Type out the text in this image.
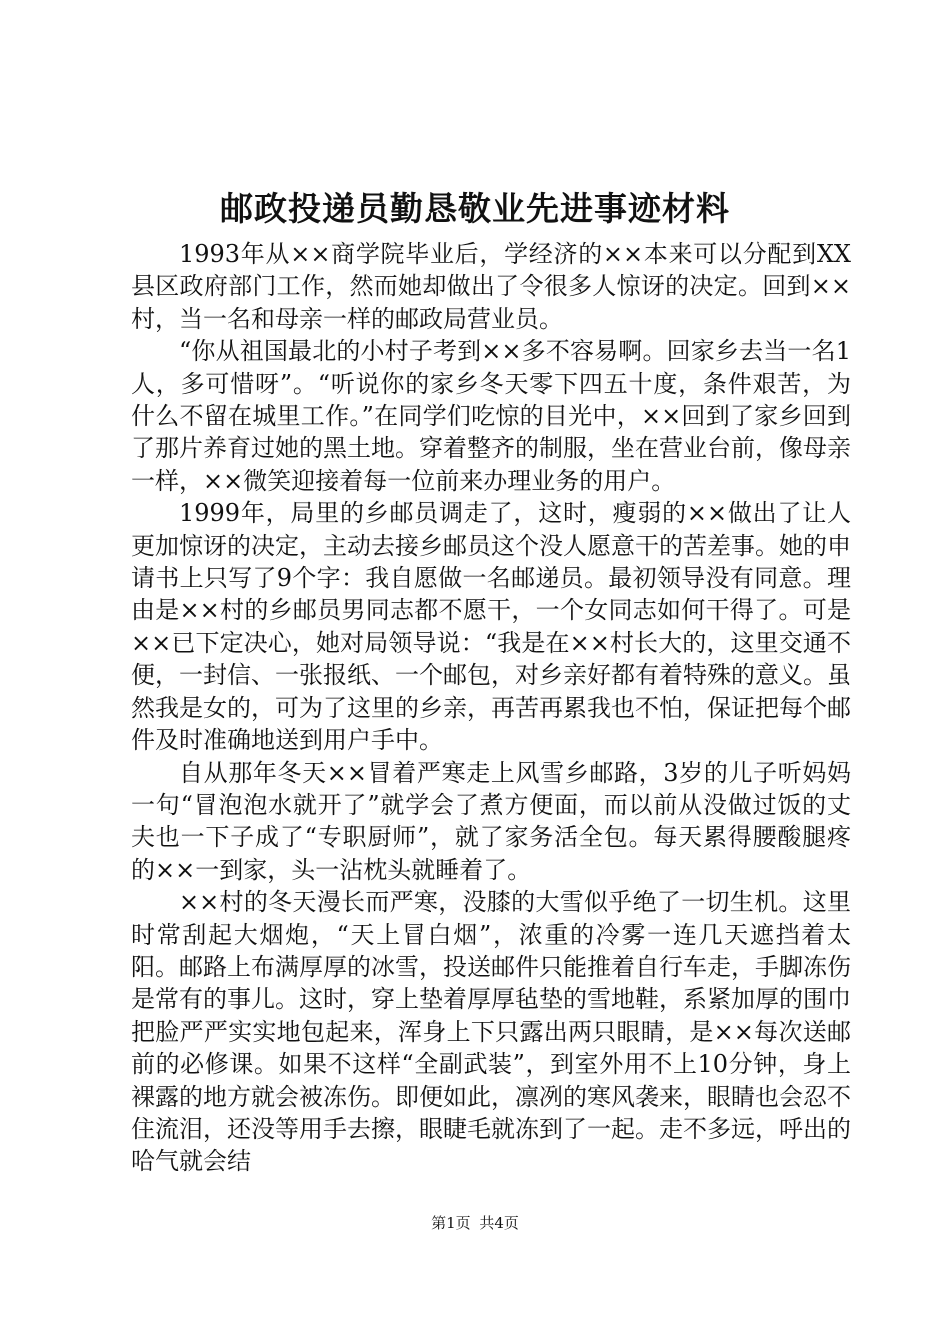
邮政投递员勤恳敬业先进事迹材料

1993年从××商学院毕业后，学经济的××本来可以分配到XX县区政府部门工作，然而她却做出了令很多人惊讶的决定。回到××村，当一名和母亲一样的邮政局营业员。

“你从祖国最北的小村子考到××多不容易啊。回家乡去当一名1人，多可惜呀”。“听说你的家乡冬天零下四五十度，条件艰苦，为什么不留在城里工作。”在同学们吃惊的目光中，××回到了家乡回到了那片养育过她的黑土地。穿着整齐的制服，坐在营业台前，像母亲一样，××微笑迎接着每一位前来办理业务的用户。

1999年，局里的乡邮员调走了，这时，瘦弱的××做出了让人更加惊讶的决定，主动去接乡邮员这个没人愿意干的苦差事。她的申请书上只写了9个字：我自愿做一名邮递员。最初领导没有同意。理由是××村的乡邮员男同志都不愿干，一个女同志如何干得了。可是××已下定决心，她对局领导说：“我是在××村长大的，这里交通不便，一封信、一张报纸、一个邮包，对乡亲好都有着特殊的意义。虽然我是女的，可为了这里的乡亲，再苦再累我也不怕，保证把每个邮件及时准确地送到用户手中。

自从那年冬天××冒着严寒走上风雪乡邮路，3岁的儿子听妈妈一句“冒泡泡水就开了”就学会了煮方便面，而以前从没做过饭的丈夫也一下子成了“专职厨师”，就了家务活全包。每天累得腰酸腿疼的××一到家，头一沾枕头就睡着了。

××村的冬天漫长而严寒，没膝的大雪似乎绝了一切生机。这里时常刮起大烟炮，“天上冒白烟”，浓重的冷雾一连几天遮挡着太阳。邮路上布满厚厚的冰雪，投送邮件只能推着自行车走，手脚冻伤是常有的事儿。这时，穿上垫着厚厚毡垫的雪地鞋，系紧加厚的围巾把脸严严实实地包起来，浑身上下只露出两只眼睛，是××每次送邮前的必修课。如果不这样“全副武装”，到室外用不上10分钟，身上裸露的地方就会被冻伤。即便如此，凛冽的寒风袭来，眼睛也会忍不住流泪，还没等用手去擦，眼睫毛就冻到了一起。走不多远，呼出的哈气就会结

第1页 共4页
